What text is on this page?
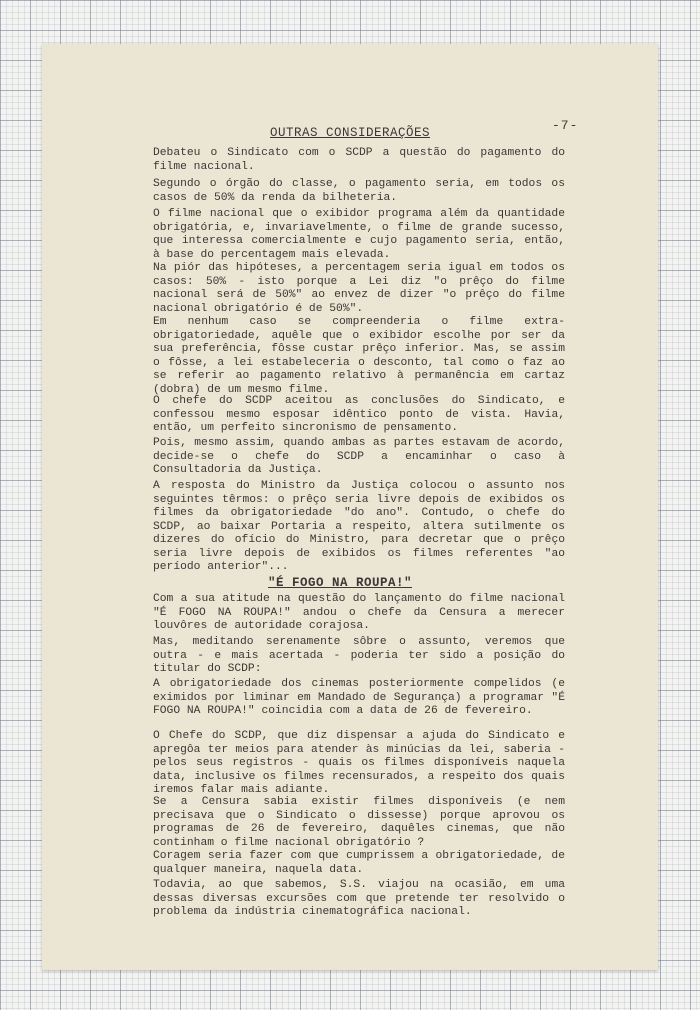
-7-
OUTRAS CONSIDERAÇÕES

Debateu o Sindicato com o SCDP a questão do pagamento do filme nacional.

Segundo o órgão do classe, o pagamento seria, em todos os casos de 50% da renda da bilheteria.

O filme nacional que o exibidor programa além da quantidade obrigatória, e, invariavelmente, o filme de grande sucesso, que interessa comercialmente e cujo pagamento seria, então, à base do percentagem mais elevada.

Na piór das hipóteses, a percentagem seria igual em todos os casos: 50% - isto porque a Lei diz "o prêço do filme nacional será de 50%" ao envez de dizer "o prêço do filme nacional obrigatório é de 50%".

Em nenhum caso se compreenderia o filme extra-obrigatoriedade, aquêle que o exibidor escolhe por ser da sua preferência, fôsse custar prêço inferior. Mas, se assim o fôsse, a lei estabeleceria o desconto, tal como o faz ao se referir ao pagamento relativo à permanência em cartaz (dobra) de um mesmo filme.

O chefe do SCDP aceitou as conclusões do Sindicato, e confessou mesmo esposar idêntico ponto de vista. Havia, então, um perfeito sincronismo de pensamento.

Pois, mesmo assim, quando ambas as partes estavam de acordo, decide-se o chefe do SCDP a encaminhar o caso à Consultadoria da Justiça.

A resposta do Ministro da Justiça colocou o assunto nos seguintes têrmos: o prêço seria livre depois de exibidos os filmes da obrigatoriedade "do ano". Contudo, o chefe do SCDP, ao baixar Portaria a respeito, altera sutilmente os dizeres do ofício do Ministro, para decretar que o prêço seria livre depois de exibidos os filmes referentes "ao período anterior"...

"É FOGO NA ROUPA!"

Com a sua atitude na questão do lançamento do filme nacional "É FOGO NA ROUPA!" andou o chefe da Censura a merecer louvôres de autoridade corajosa.

Mas, meditando serenamente sôbre o assunto, veremos que outra - e mais acertada - poderia ter sido a posição do titular do SCDP:

A obrigatoriedade dos cinemas posteriormente compelidos (e eximidos por liminar em Mandado de Segurança) a programar "É FOGO NA ROUPA!" coincidia com a data de 26 de fevereiro.

O Chefe do SCDP, que diz dispensar a ajuda do Sindicato e apregôa ter meios para atender às minúcias da lei, saberia - pelos seus registros - quais os filmes disponíveis naquela data, inclusive os filmes recensurados, a respeito dos quais iremos falar mais adiante.

Se a Censura sabia existir filmes disponíveis (e nem precisava que o Sindicato o dissesse) porque aprovou os programas de 26 de fevereiro, daquêles cinemas, que não continham o filme nacional obrigatório ?

Coragem seria fazer com que cumprissem a obrigatoriedade, de qualquer maneira, naquela data.

Todavia, ao que sabemos, S.S. viajou na ocasião, em uma dessas diversas excursões com que pretende ter resolvido o problema da indústria cinematográfica nacional.
